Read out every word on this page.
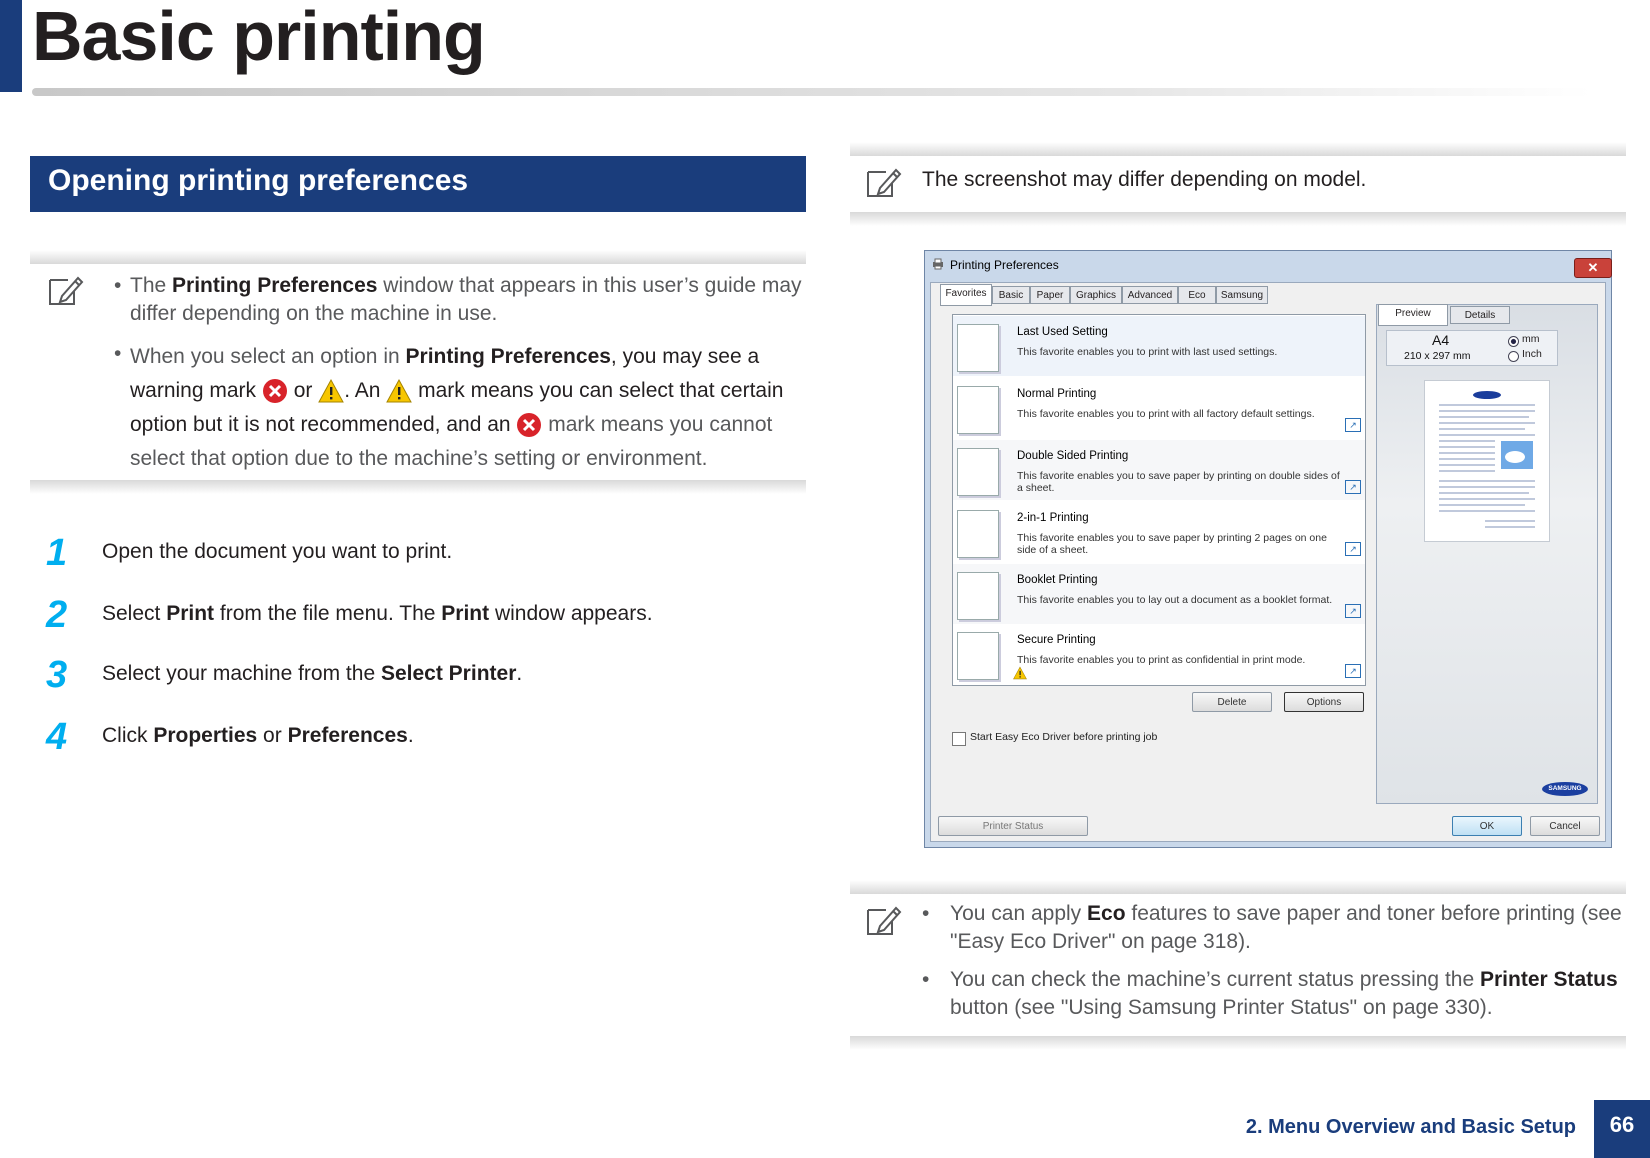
Basic printing
Opening printing preferences
• The Printing Preferences window that appears in this user’s guide may differ depending on the machine in use.
• When you select an option in Printing Preferences, you may see a warning mark  or . An  mark means you can select that certain option but it is not recommended, and an  mark means you cannot select that option due to the machine’s setting or environment.
1 Open the document you want to print.
2 Select Print from the file menu. The Print window appears.
3 Select your machine from the Select Printer.
4 Click Properties or Preferences.
The screenshot may differ depending on model.
Printing Preferences	✕
Favorites	Basic	Paper	Graphics	Advanced	Eco	Samsung
Last Used Setting
This favorite enables you to print with last used settings.
Normal Printing
This favorite enables you to print with all factory default settings.
↗
Double Sided Printing
This favorite enables you to save paper by printing on double sides of a sheet.	↗
2-in-1 Printing
This favorite enables you to save paper by printing 2 pages on one side of a sheet.	↗
Booklet Printing
This favorite enables you to lay out a document as a booklet format.
↗
Secure Printing
This favorite enables you to print as confidential in print mode.
↗
Delete	Options
Start Easy Eco Driver before printing job
Preview	Details
A4
210 x 297 mm
mm
Inch
SAMSUNG
Printer Status	OK	Cancel
• You can apply Eco features to save paper and toner before printing (see "Easy Eco Driver" on page 318).
• You can check the machine’s current status pressing the Printer Status button (see "Using Samsung Printer Status" on page 330).
2. Menu Overview and Basic Setup	66
